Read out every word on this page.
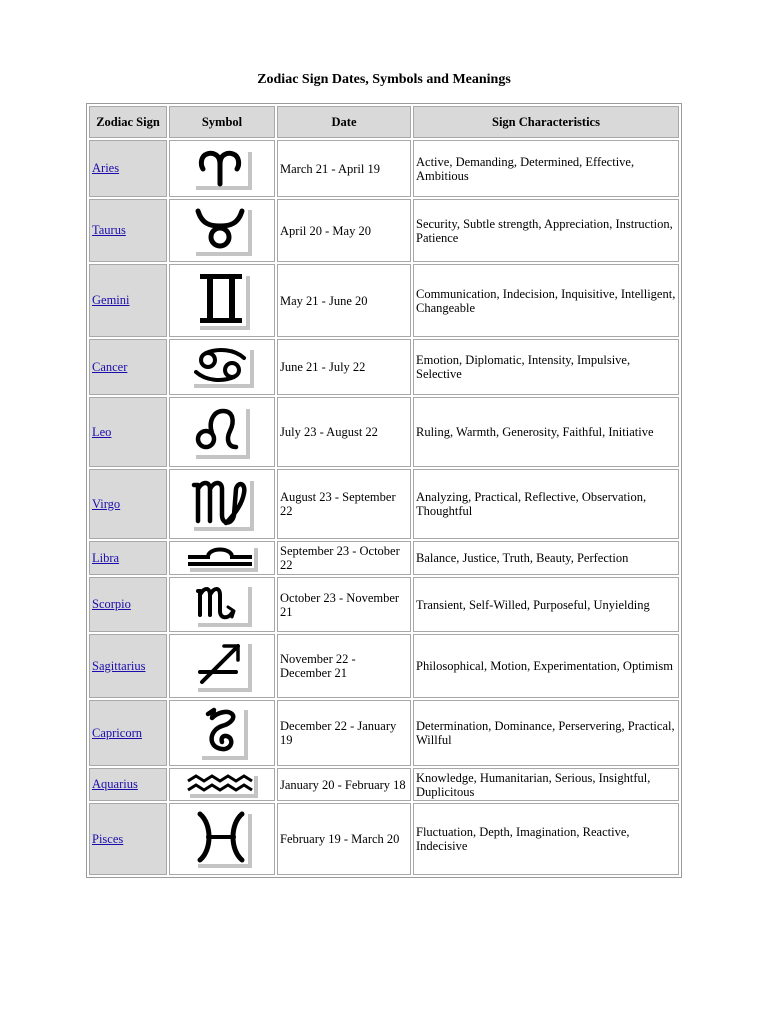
Zodiac Sign Dates, Symbols and Meanings
Zodiac Sign	Symbol	Date	Sign Characteristics
Aries		March 21 - April 19	Active, Demanding, Determined, Effective, Ambitious
Taurus		April 20 - May 20	Security, Subtle strength, Appreciation, Instruction, Patience
Gemini		May 21 - June 20	Communication, Indecision, Inquisitive, Intelligent, Changeable
Cancer		June 21 - July 22	Emotion, Diplomatic, Intensity, Impulsive, Selective
Leo		July 23 - August 22	Ruling, Warmth, Generosity, Faithful, Initiative
Virgo		August 23 - September 22	Analyzing, Practical, Reflective, Observation, Thoughtful
Libra		September 23 - October 22	Balance, Justice, Truth, Beauty, Perfection
Scorpio		October 23 - November 21	Transient, Self-Willed, Purposeful, Unyielding
Sagittarius		November 22 - December 21	Philosophical, Motion, Experimentation, Optimism
Capricorn		December 22 - January 19	Determination, Dominance, Perservering, Practical, Willful
Aquarius		January 20 - February 18	Knowledge, Humanitarian, Serious, Insightful, Duplicitous
Pisces		February 19 - March 20	Fluctuation, Depth, Imagination, Reactive, Indecisive
